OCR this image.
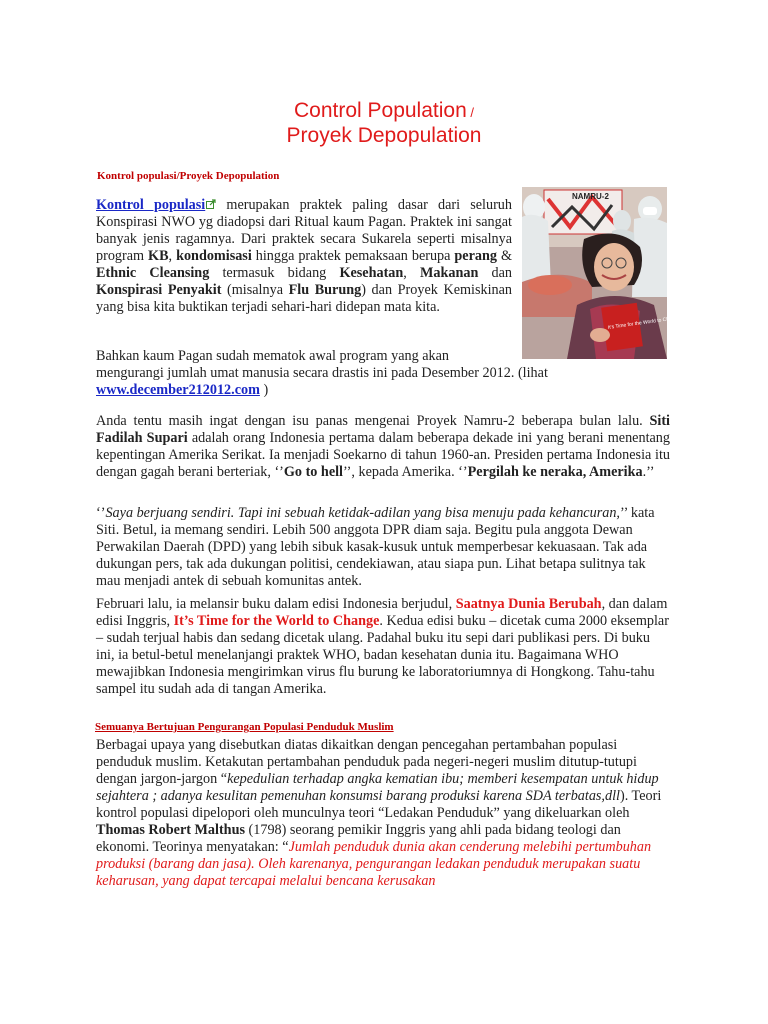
Control Population /
Proyek Depopulation
Kontrol populasi/Proyek Depopulation
NAMRU-2
It's Time for the World to Change

Kontrol populasi merupakan praktek paling dasar dari seluruh Konspirasi NWO yg diadopsi dari Ritual kaum Pagan. Praktek ini sangat banyak jenis ragamnya. Dari praktek secara Sukarela seperti misalnya program KB, kondomisasi hingga praktek pemaksaan berupa perang & Ethnic Cleansing termasuk bidang Kesehatan, Makanan dan Konspirasi Penyakit (misalnya Flu Burung) dan Proyek Kemiskinan yang bisa kita buktikan terjadi sehari-hari didepan mata kita.

Bahkan kaum Pagan sudah mematok awal program yang akan
mengurangi jumlah umat manusia secara drastis ini pada Desember 2012. (lihat
www.december212012.com )

Anda tentu masih ingat dengan isu panas mengenai Proyek Namru-2 beberapa bulan lalu. Siti Fadilah Supari adalah orang Indonesia pertama dalam beberapa dekade ini yang berani menentang kepentingan Amerika Serikat. Ia menjadi Soekarno di tahun 1960-an. Presiden pertama Indonesia itu dengan gagah berani berteriak, ‘’Go to hell’’, kepada Amerika. ‘’Pergilah ke neraka, Amerika.’’

‘’Saya berjuang sendiri. Tapi ini sebuah ketidak-adilan yang bisa menuju pada kehancuran,’’ kata Siti. Betul, ia memang sendiri. Lebih 500 anggota DPR diam saja. Begitu pula anggota Dewan Perwakilan Daerah (DPD) yang lebih sibuk kasak-kusuk untuk memperbesar kekuasaan. Tak ada dukungan pers, tak ada dukungan politisi, cendekiawan, atau siapa pun. Lihat betapa sulitnya tak mau menjadi antek di sebuah komunitas antek.

Februari lalu, ia melansir buku dalam edisi Indonesia berjudul, Saatnya Dunia Berubah, dan dalam edisi Inggris, It’s Time for the World to Change. Kedua edisi buku – dicetak cuma 2000 eksemplar – sudah terjual habis dan sedang dicetak ulang. Padahal buku itu sepi dari publikasi pers. Di buku ini, ia betul-betul menelanjangi praktek WHO, badan kesehatan dunia itu. Bagaimana WHO mewajibkan Indonesia mengirimkan virus flu burung ke laboratoriumnya di Hongkong. Tahu-tahu sampel itu sudah ada di tangan Amerika.

Semuanya Bertujuan Pengurangan Populasi Penduduk Muslim

Berbagai upaya yang disebutkan diatas dikaitkan dengan pencegahan pertambahan populasi penduduk muslim. Ketakutan pertambahan penduduk pada negeri-negeri muslim ditutup-tutupi dengan jargon-jargon “kepedulian terhadap angka kematian ibu; memberi kesempatan untuk hidup sejahtera ; adanya kesulitan pemenuhan konsumsi barang produksi karena SDA terbatas,dll). Teori kontrol populasi dipelopori oleh munculnya teori “Ledakan Penduduk” yang dikeluarkan oleh Thomas Robert Malthus (1798) seorang pemikir Inggris yang ahli pada bidang teologi dan ekonomi. Teorinya menyatakan: “Jumlah penduduk dunia akan cenderung melebihi pertumbuhan produksi (barang dan jasa). Oleh karenanya, pengurangan ledakan penduduk merupakan suatu keharusan, yang dapat tercapai melalui bencana kerusakan
